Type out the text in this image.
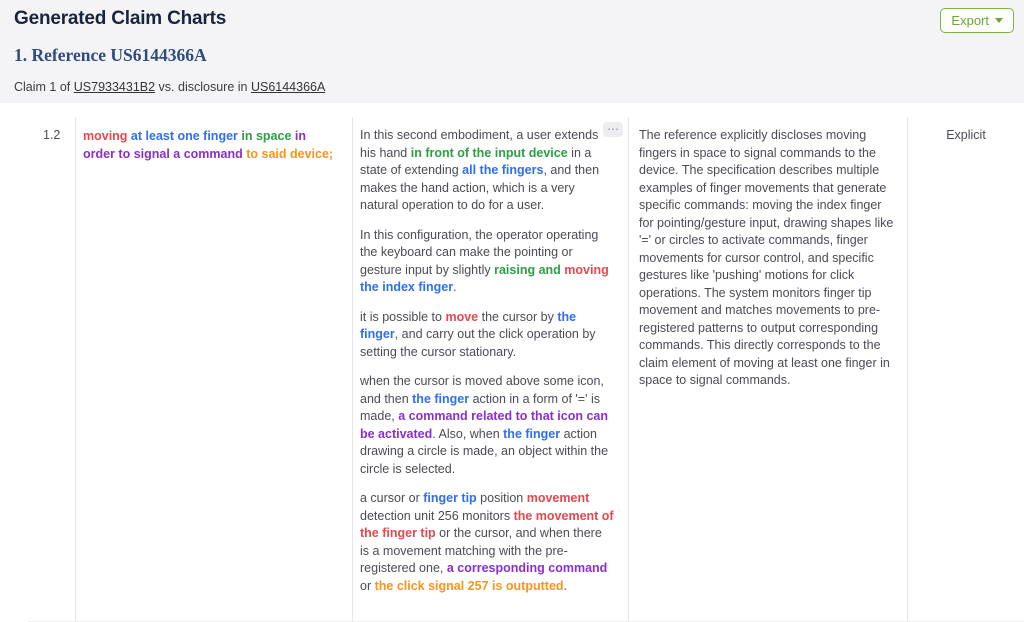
Generated Claim Charts	Export
1. Reference US6144366A
Claim 1 of US7933431B2 vs. disclosure in US6144366A
1.2	moving at least one finger in space in order to signal a command to said device;
⋯

In this second embodiment, a user extends his hand in front of the input device in a state of extending all the fingers, and then makes the hand action, which is a very natural operation to do for a user.

In this configuration, the operator operating the keyboard can make the pointing or gesture input by slightly raising and moving the index finger.

it is possible to move the cursor by the finger, and carry out the click operation by setting the cursor stationary.

when the cursor is moved above some icon, and then the finger action in a form of '=' is made, a command related to that icon can be activated. Also, when the finger action drawing a circle is made, an object within the circle is selected.

a cursor or finger tip position movement detection unit 256 monitors the movement of the finger tip or the cursor, and when there is a movement matching with the pre-registered one, a corresponding command or the click signal 257 is outputted.

The reference explicitly discloses moving fingers in space to signal commands to the device. The specification describes multiple examples of finger movements that generate specific commands: moving the index finger for pointing/gesture input, drawing shapes like '=' or circles to activate commands, finger movements for cursor control, and specific gestures like 'pushing' motions for click operations. The system monitors finger tip movement and matches movements to pre-registered patterns to output corresponding commands. This directly corresponds to the claim element of moving at least one finger in space to signal commands.
Explicit
